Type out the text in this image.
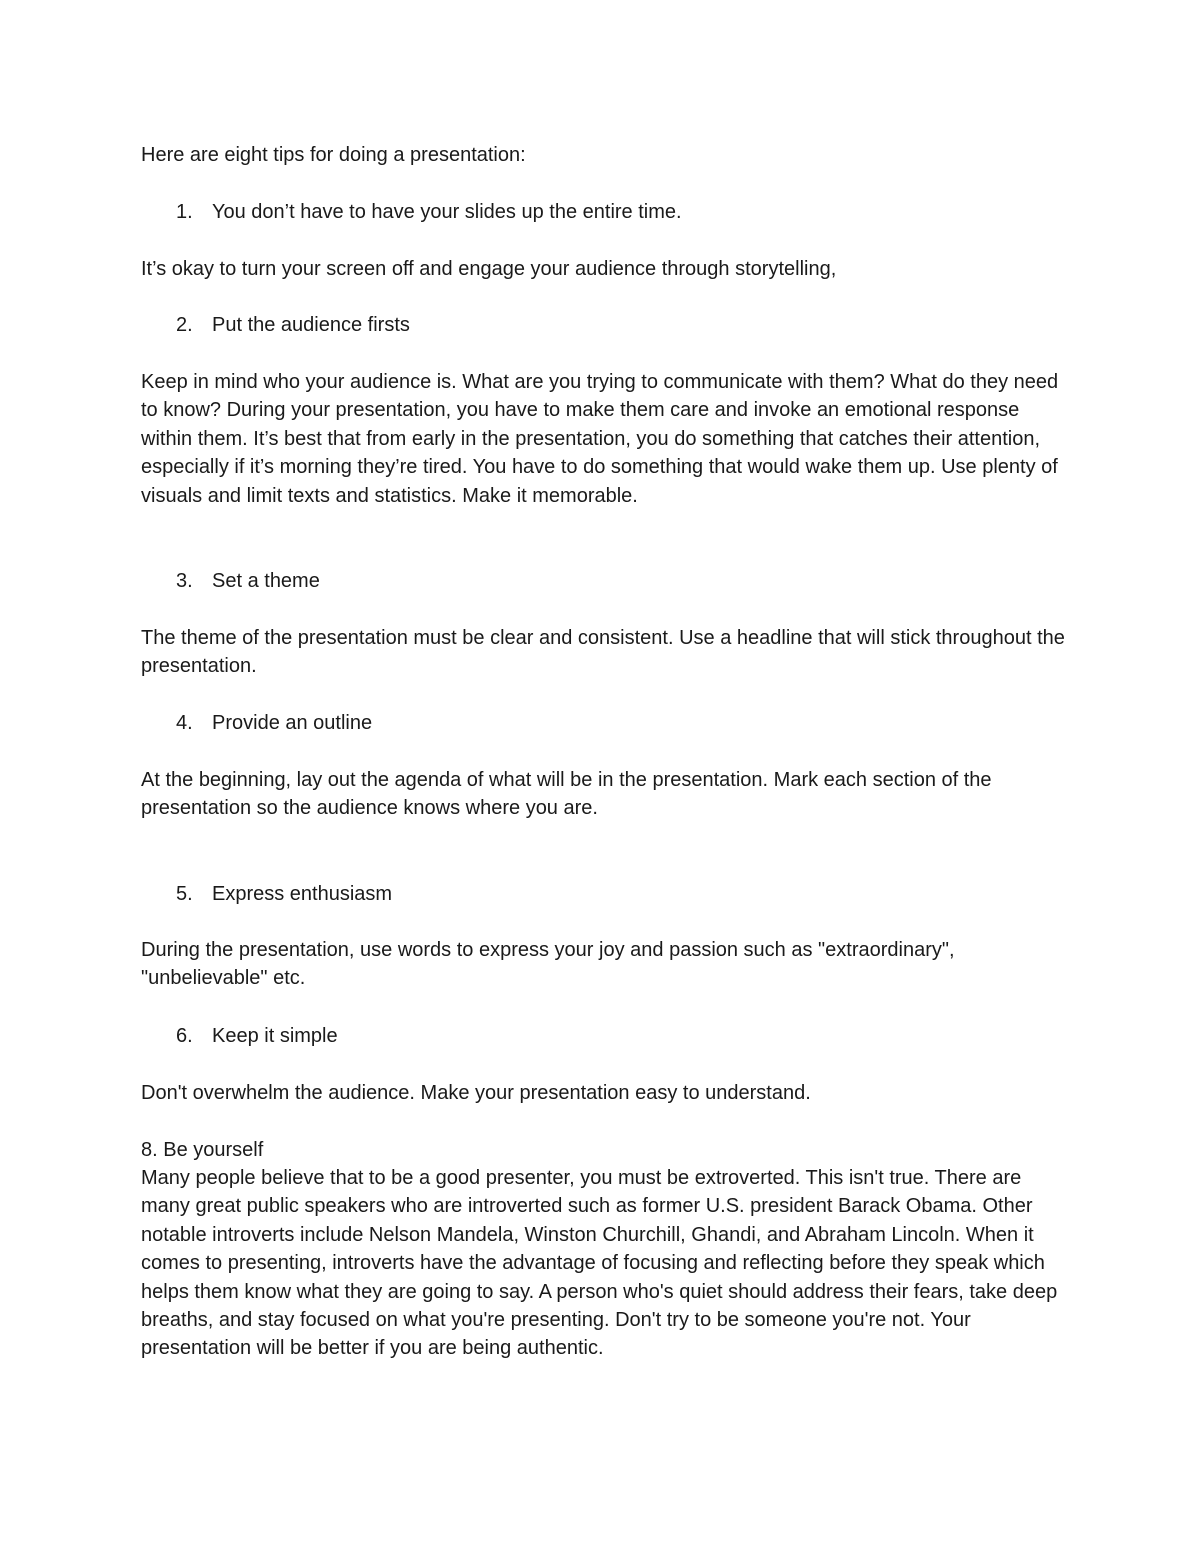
Here are eight tips for doing a presentation:
1. You don’t have to have your slides up the entire time.
It’s okay to turn your screen off and engage your audience through storytelling,
2. Put the audience firsts
Keep in mind who your audience is. What are you trying to communicate with them? What do they need to know? During your presentation, you have to make them care and invoke an emotional response within them. It’s best that from early in the presentation, you do something that catches their attention, especially if it’s morning they’re tired. You have to do something that would wake them up. Use plenty of visuals and limit texts and statistics. Make it memorable.
3. Set a theme
The theme of the presentation must be clear and consistent. Use a headline that will stick throughout the presentation.
4. Provide an outline
At the beginning, lay out the agenda of what will be in the presentation. Mark each section of the presentation so the audience knows where you are.
5. Express enthusiasm
During the presentation, use words to express your joy and passion such as "extraordinary", "unbelievable" etc.
6. Keep it simple
Don't overwhelm the audience. Make your presentation easy to understand.
8. Be yourself
Many people believe that to be a good presenter, you must be extroverted. This isn't true. There are many great public speakers who are introverted such as former U.S. president Barack Obama. Other notable introverts include Nelson Mandela, Winston Churchill, Ghandi, and Abraham Lincoln. When it comes to presenting, introverts have the advantage of focusing and reflecting before they speak which helps them know what they are going to say. A person who's quiet should address their fears, take deep breaths, and stay focused on what you're presenting. Don't try to be someone you're not. Your presentation will be better if you are being authentic.
